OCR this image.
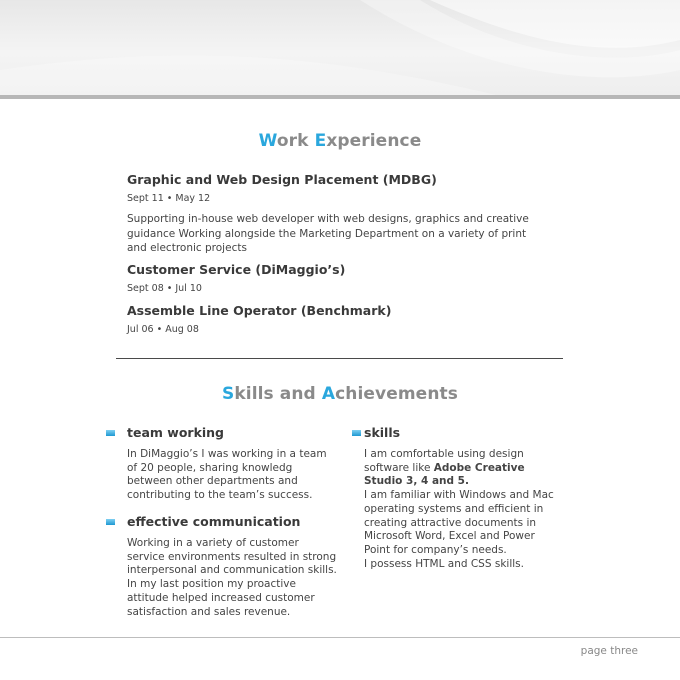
Work Experience
Graphic and Web Design Placement (MDBG)
Sept 11 • May 12
Supporting in-house web developer with web designs, graphics and creative guidance Working alongside the Marketing Department on a variety of print and electronic projects
Customer Service (DiMaggio’s)
Sept 08 • Jul 10
Assemble Line Operator (Benchmark)
Jul 06 • Aug 08
Skills and Achievements
team working
In DiMaggio’s I was working in a team of 20 people, sharing knowledg between other departments and contributing to the team’s success.
effective communication
Working in a variety of customer service environments resulted in strong interpersonal and communication skills. In my last position my proactive attitude helped increased customer satisfaction and sales revenue.
skills
I am comfortable using design software like Adobe Creative Studio 3, 4 and 5.
I am familiar with Windows and Mac operating systems and efficient in creating attractive documents in Microsoft Word, Excel and Power Point for company’s needs.
I possess HTML and CSS skills.
page three
